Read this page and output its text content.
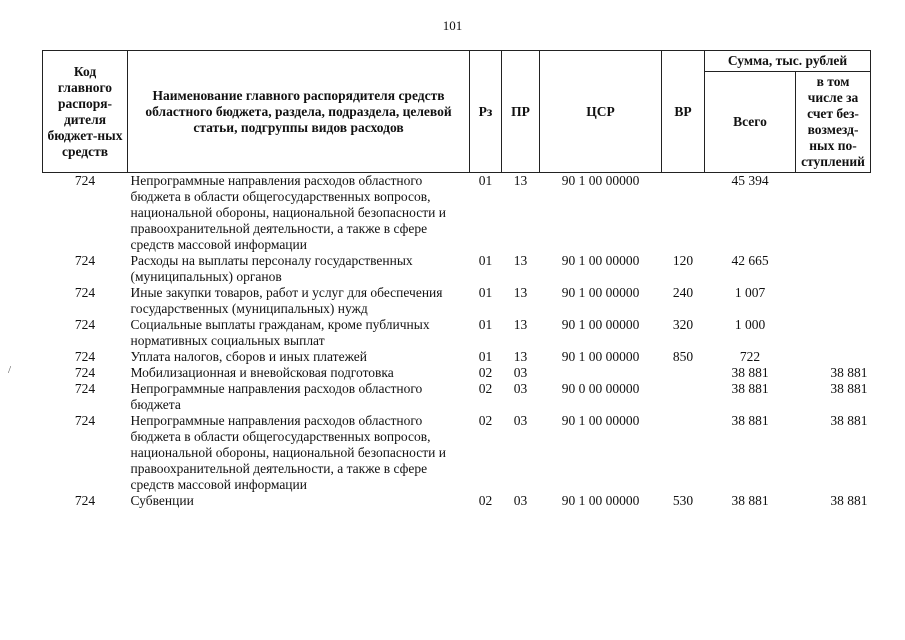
101
Код главного распоря-дителя бюджет-ных средств	Наименование главного распорядителя средств областного бюджета, раздела, подраздела, целевой статьи, подгруппы видов расходов	Рз	ПР	ЦСР	ВР	Сумма, тыс. рублей	
						Всего	в том числе за счет без-возмезд-ных по-ступлений
724	Непрограммные направления расходов областного бюджета в области общегосударственных вопросов, национальной обороны, национальной безопасности и правоохранительной деятельности, а также в сфере средств массовой информации	01	13	90 1 00 00000		45 394	
724	Расходы на выплаты персоналу государственных (муниципальных) органов	01	13	90 1 00 00000	120	42 665	
724	Иные закупки товаров, работ и услуг для обеспечения государственных (муниципальных) нужд	01	13	90 1 00 00000	240	1 007	
724	Социальные выплаты гражданам, кроме публичных нормативных социальных выплат	01	13	90 1 00 00000	320	1 000	
724	Уплата налогов, сборов и иных платежей	01	13	90 1 00 00000	850	722	
724	Мобилизационная и вневойсковая подготовка	02	03			38 881	38 881
724	Непрограммные направления расходов областного бюджета	02	03	90 0 00 00000		38 881	38 881
724	Непрограммные направления расходов областного бюджета в области общегосударственных вопросов, национальной обороны, национальной безопасности и правоохранительной деятельности, а также в сфере средств массовой информации	02	03	90 1 00 00000		38 881	38 881
724	Субвенции	02	03	90 1 00 00000	530	38 881	38 881
/
